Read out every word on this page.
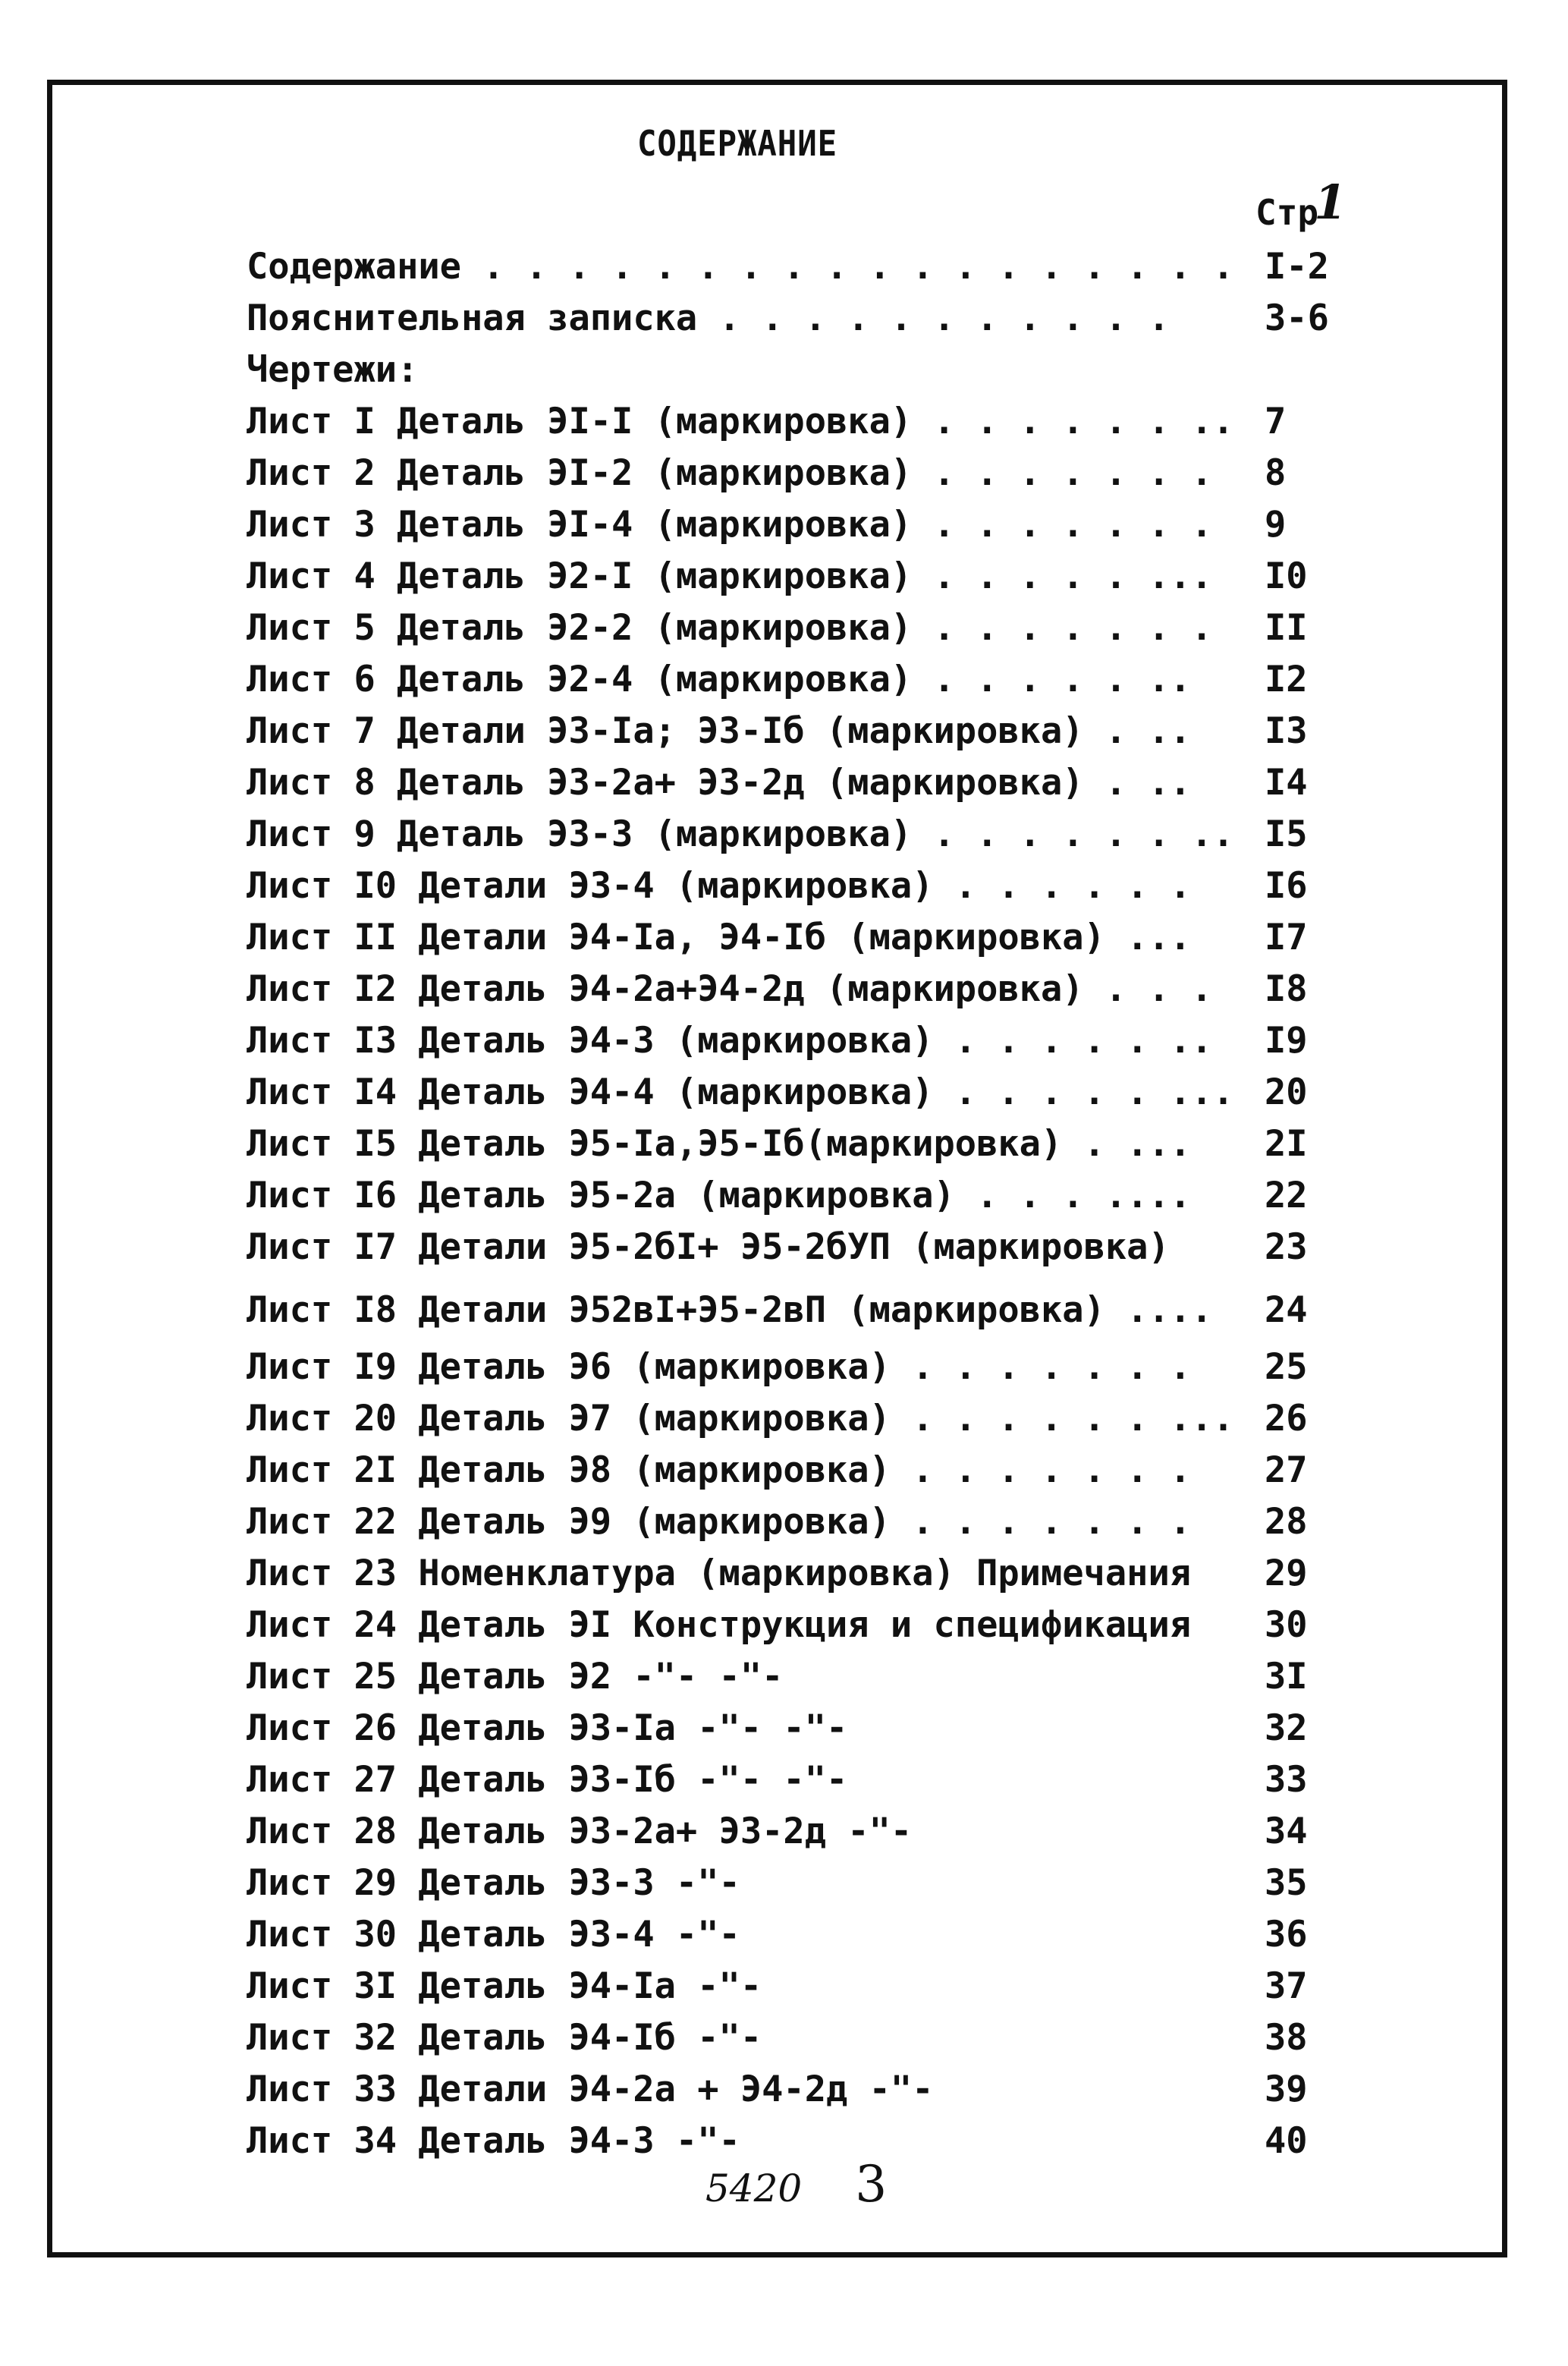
СОДЕРЖАНИЕ
Стр1
Содержание . . . . . . . . . . . . . . . . . . I-2
Пояснительная записка . . . . . . . . . . .	3-6
Чертежи:
Лист I Деталь ЭI-I (маркировка) . . . . . . .. 7
Лист 2 Деталь ЭI-2 (маркировка) . . . . . . . 8
Лист 3 Деталь ЭI-4 (маркировка) . . . . . . . 9
Лист 4 Деталь Э2-I (маркировка) . . . . . ... I0
Лист 5 Деталь Э2-2 (маркировка) . . . . . . . II
Лист 6 Деталь Э2-4 (маркировка) . . . . . .. I2
Лист 7 Детали Э3-Iа; Э3-Iб (маркировка) . .. I3
Лист 8 Деталь Э3-2а+ Э3-2д (маркировка) . .. I4
Лист 9 Деталь Э3-3 (маркировка) . . . . . . .. I5
Лист I0 Детали Э3-4 (маркировка) . . . . . . I6
Лист II Детали Э4-Iа, Э4-Iб (маркировка) ... I7
Лист I2 Деталь Э4-2а+Э4-2д (маркировка) . . . I8
Лист I3 Деталь Э4-3 (маркировка) . . . . . .. I9
Лист I4 Деталь Э4-4 (маркировка) . . . . . ... 20
Лист I5 Деталь Э5-Iа,Э5-Iб(маркировка) . ... 2I
Лист I6 Деталь Э5-2а (маркировка) . . . .... 22
Лист I7 Детали Э5-2бI+ Э5-2бУП (маркировка)	23
Лист I8 Детали Э52вI+Э5-2вП (маркировка) .... 24
Лист I9 Деталь Э6 (маркировка) . . . . . . . 25
Лист 20 Деталь Э7 (маркировка) . . . . . . ... 26
Лист 2I Деталь Э8 (маркировка) . . . . . . . 27
Лист 22 Деталь Э9 (маркировка) . . . . . . . 28
Лист 23 Номенклатура (маркировка) Примечания 29
Лист 24 Деталь ЭI Конструкция и спецификация 30
Лист 25 Деталь Э2 -"- -"-	3I
Лист 26 Деталь Э3-Iа -"- -"-	32
Лист 27 Деталь Э3-Iб -"- -"-	33
Лист 28 Деталь Э3-2а+ Э3-2д -"-	34
Лист 29 Деталь Э3-3 -"-	35
Лист 30 Деталь Э3-4 -"-	36
Лист 3I Деталь Э4-Iа -"-	37
Лист 32 Деталь Э4-Iб -"-	38
Лист 33 Детали Э4-2а + Э4-2д -"-	39
Лист 34 Деталь Э4-3 -"-	40
5420 3
